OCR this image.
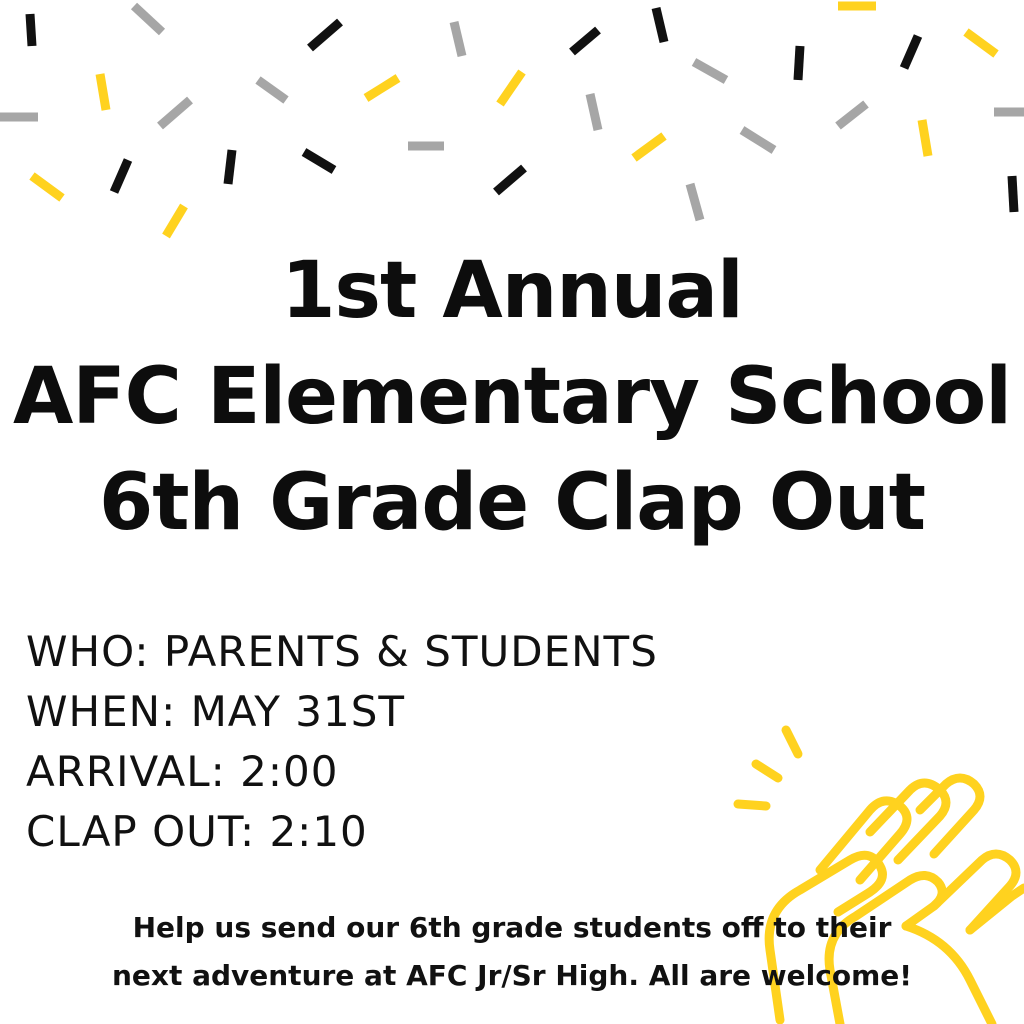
1st Annual
AFC Elementary School
6th Grade Clap Out
WHO: PARENTS & STUDENTS
WHEN: MAY 31ST
ARRIVAL: 2:00
CLAP OUT: 2:10
Help us send our 6th grade students off to their
next adventure at AFC Jr/Sr High. All are welcome!
